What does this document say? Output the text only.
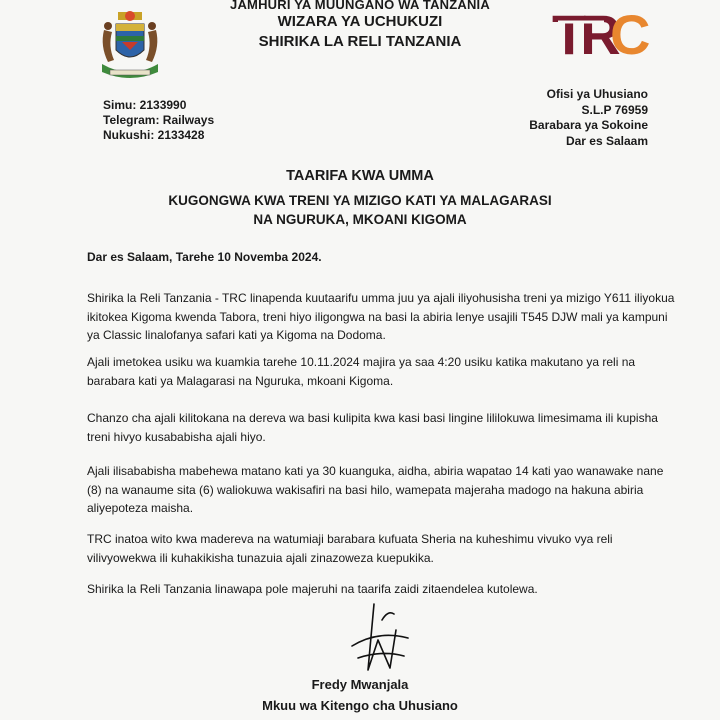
JAMHURI YA MUUNGANO WA TANZANIA
WIZARA YA UCHUKUZI
SHIRIKA LA RELI TANZANIA	TR
C
Simu: 2133990
Telegram: Railways
Nukushi: 2133428
Ofisi ya Uhusiano
S.L.P 76959
Barabara ya Sokoine
Dar es Salaam
TAARIFA KWA UMMA
KUGONGWA KWA TRENI YA MIZIGO KATI YA MALAGARASI
NA NGURUKA, MKOANI KIGOMA
Dar es Salaam, Tarehe 10 Novemba 2024.
Shirika la Reli Tanzania - TRC linapenda kuutaarifu umma juu ya ajali iliyohusisha treni ya mizigo Y611 iliyokua ikitokea Kigoma kwenda Tabora, treni hiyo iligongwa na basi la abiria lenye usajili T545 DJW mali ya kampuni ya Classic linalofanya safari kati ya Kigoma na Dodoma.
Ajali imetokea usiku wa kuamkia tarehe 10.11.2024 majira ya saa 4:20 usiku katika makutano ya reli na barabara kati ya Malagarasi na Nguruka, mkoani Kigoma.
Chanzo cha ajali kilitokana na dereva wa basi kulipita kwa kasi basi lingine lililokuwa limesimama ili kupisha treni hivyo kusababisha ajali hiyo.
Ajali ilisababisha mabehewa matano kati ya 30 kuanguka, aidha, abiria wapatao 14 kati yao wanawake nane (8) na wanaume sita (6) waliokuwa wakisafiri na basi hilo, wamepata majeraha madogo na hakuna abiria aliyepoteza maisha.
TRC inatoa wito kwa madereva na watumiaji barabara kufuata Sheria na kuheshimu vivuko vya reli vilivyowekwa ili kuhakikisha tunazuia ajali zinazoweza kuepukika.
Shirika la Reli Tanzania linawapa pole majeruhi na taarifa zaidi zitaendelea kutolewa.
Fredy Mwanjala
Mkuu wa Kitengo cha Uhusiano
